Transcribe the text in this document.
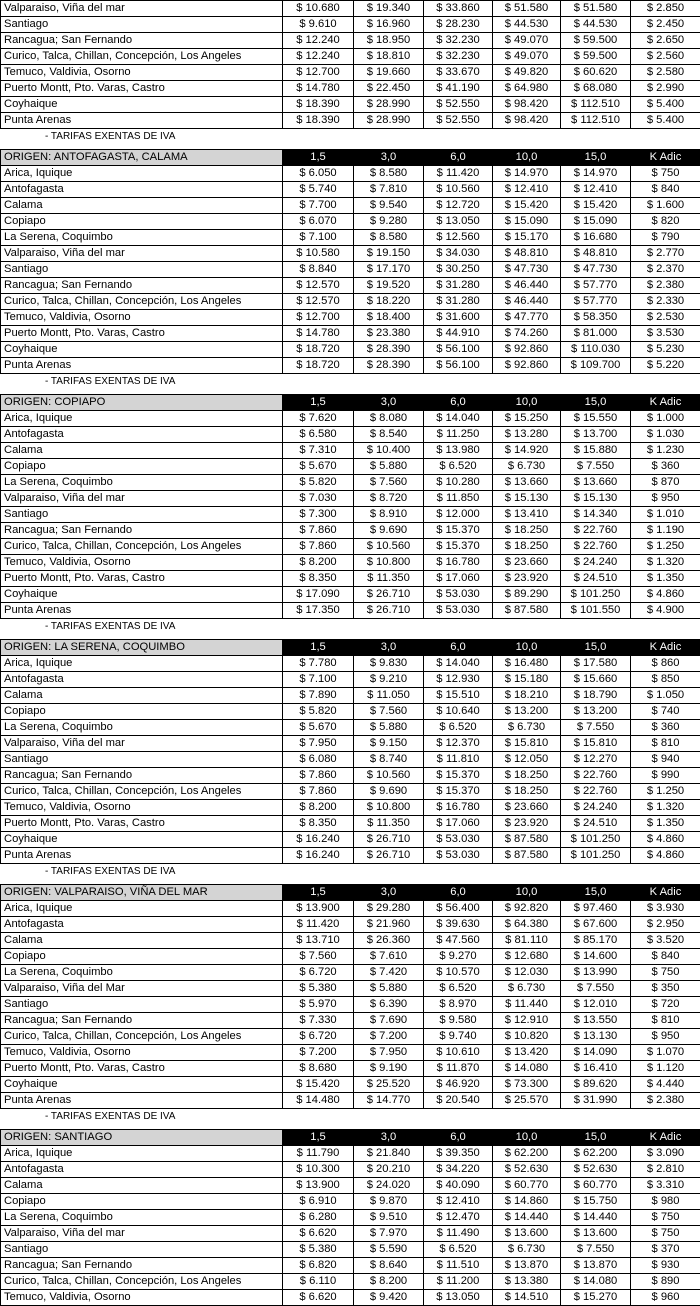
Valparaiso, Viña del mar	$ 10.680	$ 19.340	$ 33.860	$ 51.580	$ 51.580	$ 2.850
Santiago	$ 9.610	$ 16.960	$ 28.230	$ 44.530	$ 44.530	$ 2.450
Rancagua; San Fernando	$ 12.240	$ 18.950	$ 32.230	$ 49.070	$ 59.500	$ 2.650
Curico, Talca, Chillan, Concepción, Los Angeles	$ 12.240	$ 18.810	$ 32.230	$ 49.070	$ 59.500	$ 2.560
Temuco, Valdivia, Osorno	$ 12.700	$ 19.660	$ 33.670	$ 49.820	$ 60.620	$ 2.580
Puerto Montt, Pto. Varas, Castro	$ 14.780	$ 22.450	$ 41.190	$ 64.980	$ 68.080	$ 2.990
Coyhaique	$ 18.390	$ 28.990	$ 52.550	$ 98.420	$ 112.510	$ 5.400
Punta Arenas	$ 18.390	$ 28.990	$ 52.550	$ 98.420	$ 112.510	$ 5.400
- TARIFAS EXENTAS DE IVA
ORIGEN: ANTOFAGASTA, CALAMA	1,5	3,0	6,0	10,0	15,0	K Adic
Arica, Iquique	$ 6.050	$ 8.580	$ 11.420	$ 14.970	$ 14.970	$ 750
Antofagasta	$ 5.740	$ 7.810	$ 10.560	$ 12.410	$ 12.410	$ 840
Calama	$ 7.700	$ 9.540	$ 12.720	$ 15.420	$ 15.420	$ 1.600
Copiapo	$ 6.070	$ 9.280	$ 13.050	$ 15.090	$ 15.090	$ 820
La Serena, Coquimbo	$ 7.100	$ 8.580	$ 12.560	$ 15.170	$ 16.680	$ 790
Valparaiso, Viña del mar	$ 10.580	$ 19.150	$ 34.030	$ 48.810	$ 48.810	$ 2.770
Santiago	$ 8.840	$ 17.170	$ 30.250	$ 47.730	$ 47.730	$ 2.370
Rancagua; San Fernando	$ 12.570	$ 19.520	$ 31.280	$ 46.440	$ 57.770	$ 2.380
Curico, Talca, Chillan, Concepción, Los Angeles	$ 12.570	$ 18.220	$ 31.280	$ 46.440	$ 57.770	$ 2.330
Temuco, Valdivia, Osorno	$ 12.700	$ 18.400	$ 31.600	$ 47.770	$ 58.350	$ 2.530
Puerto Montt, Pto. Varas, Castro	$ 14.780	$ 23.380	$ 44.910	$ 74.260	$ 81.000	$ 3.530
Coyhaique	$ 18.720	$ 28.390	$ 56.100	$ 92.860	$ 110.030	$ 5.230
Punta Arenas	$ 18.720	$ 28.390	$ 56.100	$ 92.860	$ 109.700	$ 5.220
- TARIFAS EXENTAS DE IVA
ORIGEN: COPIAPO	1,5	3,0	6,0	10,0	15,0	K Adic
Arica, Iquique	$ 7.620	$ 8.080	$ 14.040	$ 15.250	$ 15.550	$ 1.000
Antofagasta	$ 6.580	$ 8.540	$ 11.250	$ 13.280	$ 13.700	$ 1.030
Calama	$ 7.310	$ 10.400	$ 13.980	$ 14.920	$ 15.880	$ 1.230
Copiapo	$ 5.670	$ 5.880	$ 6.520	$ 6.730	$ 7.550	$ 360
La Serena, Coquimbo	$ 5.820	$ 7.560	$ 10.280	$ 13.660	$ 13.660	$ 870
Valparaiso, Viña del mar	$ 7.030	$ 8.720	$ 11.850	$ 15.130	$ 15.130	$ 950
Santiago	$ 7.300	$ 8.910	$ 12.000	$ 13.410	$ 14.340	$ 1.010
Rancagua; San Fernando	$ 7.860	$ 9.690	$ 15.370	$ 18.250	$ 22.760	$ 1.190
Curico, Talca, Chillan, Concepción, Los Angeles	$ 7.860	$ 10.560	$ 15.370	$ 18.250	$ 22.760	$ 1.250
Temuco, Valdivia, Osorno	$ 8.200	$ 10.800	$ 16.780	$ 23.660	$ 24.240	$ 1.320
Puerto Montt, Pto. Varas, Castro	$ 8.350	$ 11.350	$ 17.060	$ 23.920	$ 24.510	$ 1.350
Coyhaique	$ 17.090	$ 26.710	$ 53.030	$ 89.290	$ 101.250	$ 4.860
Punta Arenas	$ 17.350	$ 26.710	$ 53.030	$ 87.580	$ 101.550	$ 4.900
- TARIFAS EXENTAS DE IVA
ORIGEN: LA SERENA, COQUIMBO	1,5	3,0	6,0	10,0	15,0	K Adic
Arica, Iquique	$ 7.780	$ 9.830	$ 14.040	$ 16.480	$ 17.580	$ 860
Antofagasta	$ 7.100	$ 9.210	$ 12.930	$ 15.180	$ 15.660	$ 850
Calama	$ 7.890	$ 11.050	$ 15.510	$ 18.210	$ 18.790	$ 1.050
Copiapo	$ 5.820	$ 7.560	$ 10.640	$ 13.200	$ 13.200	$ 740
La Serena, Coquimbo	$ 5.670	$ 5.880	$ 6.520	$ 6.730	$ 7.550	$ 360
Valparaiso, Viña del mar	$ 7.950	$ 9.150	$ 12.370	$ 15.810	$ 15.810	$ 810
Santiago	$ 6.080	$ 8.740	$ 11.810	$ 12.050	$ 12.270	$ 940
Rancagua; San Fernando	$ 7.860	$ 10.560	$ 15.370	$ 18.250	$ 22.760	$ 990
Curico, Talca, Chillan, Concepción, Los Angeles	$ 7.860	$ 9.690	$ 15.370	$ 18.250	$ 22.760	$ 1.250
Temuco, Valdivia, Osorno	$ 8.200	$ 10.800	$ 16.780	$ 23.660	$ 24.240	$ 1.320
Puerto Montt, Pto. Varas, Castro	$ 8.350	$ 11.350	$ 17.060	$ 23.920	$ 24.510	$ 1.350
Coyhaique	$ 16.240	$ 26.710	$ 53.030	$ 87.580	$ 101.250	$ 4.860
Punta Arenas	$ 16.240	$ 26.710	$ 53.030	$ 87.580	$ 101.250	$ 4.860
- TARIFAS EXENTAS DE IVA
ORIGEN: VALPARAISO, VIÑA DEL MAR	1,5	3,0	6,0	10,0	15,0	K Adic
Arica, Iquique	$ 13.900	$ 29.280	$ 56.400	$ 92.820	$ 97.460	$ 3.930
Antofagasta	$ 11.420	$ 21.960	$ 39.630	$ 64.380	$ 67.600	$ 2.950
Calama	$ 13.710	$ 26.360	$ 47.560	$ 81.110	$ 85.170	$ 3.520
Copiapo	$ 7.560	$ 7.610	$ 9.270	$ 12.680	$ 14.600	$ 840
La Serena, Coquimbo	$ 6.720	$ 7.420	$ 10.570	$ 12.030	$ 13.990	$ 750
Valparaiso, Viña del Mar	$ 5.380	$ 5.880	$ 6.520	$ 6.730	$ 7.550	$ 350
Santiago	$ 5.970	$ 6.390	$ 8.970	$ 11.440	$ 12.010	$ 720
Rancagua; San Fernando	$ 7.330	$ 7.690	$ 9.580	$ 12.910	$ 13.550	$ 810
Curico, Talca, Chillan, Concepción, Los Angeles	$ 6.720	$ 7.200	$ 9.740	$ 10.820	$ 13.130	$ 950
Temuco, Valdivia, Osorno	$ 7.200	$ 7.950	$ 10.610	$ 13.420	$ 14.090	$ 1.070
Puerto Montt, Pto. Varas, Castro	$ 8.680	$ 9.190	$ 11.870	$ 14.080	$ 16.410	$ 1.120
Coyhaique	$ 15.420	$ 25.520	$ 46.920	$ 73.300	$ 89.620	$ 4.440
Punta Arenas	$ 14.480	$ 14.770	$ 20.540	$ 25.570	$ 31.990	$ 2.380
- TARIFAS EXENTAS DE IVA
ORIGEN: SANTIAGO	1,5	3,0	6,0	10,0	15,0	K Adic
Arica, Iquique	$ 11.790	$ 21.840	$ 39.350	$ 62.200	$ 62.200	$ 3.090
Antofagasta	$ 10.300	$ 20.210	$ 34.220	$ 52.630	$ 52.630	$ 2.810
Calama	$ 13.900	$ 24.020	$ 40.090	$ 60.770	$ 60.770	$ 3.310
Copiapo	$ 6.910	$ 9.870	$ 12.410	$ 14.860	$ 15.750	$ 980
La Serena, Coquimbo	$ 6.280	$ 9.510	$ 12.470	$ 14.440	$ 14.440	$ 750
Valparaiso, Viña del mar	$ 6.620	$ 7.970	$ 11.490	$ 13.600	$ 13.600	$ 750
Santiago	$ 5.380	$ 5.590	$ 6.520	$ 6.730	$ 7.550	$ 370
Rancagua; San Fernando	$ 6.820	$ 8.640	$ 11.510	$ 13.870	$ 13.870	$ 930
Curico, Talca, Chillan, Concepción, Los Angeles	$ 6.110	$ 8.200	$ 11.200	$ 13.380	$ 14.080	$ 890
Temuco, Valdivia, Osorno	$ 6.620	$ 9.420	$ 13.050	$ 14.510	$ 15.270	$ 960
